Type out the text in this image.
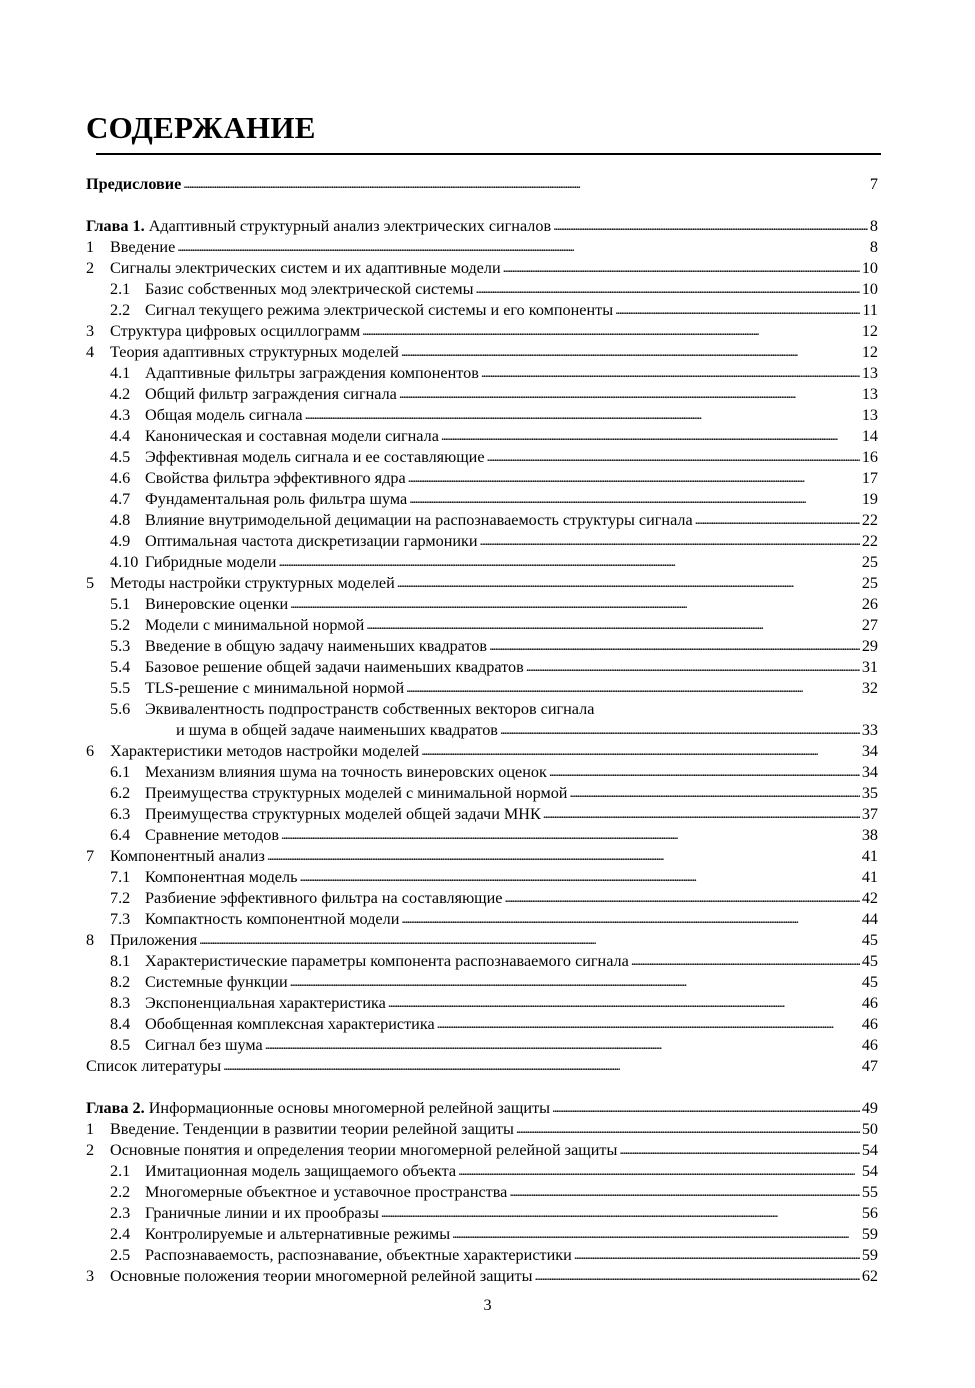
СОДЕРЖАНИЕ
Предисловие . . .	7
Глава 1. Адаптивный структурный анализ электрических сигналов . . .	8
1 Введение . . .	8
2 Сигналы электрических систем и их адаптивные модели . . .	10
2.1 Базис собственных мод электрической системы . . .	10
2.2 Сигнал текущего режима электрической системы и его компоненты . . .	11
3 Структура цифровых осциллограмм . . .	12
4 Теория адаптивных структурных моделей . . .	12
4.1 Адаптивные фильтры заграждения компонентов . . .	13
4.2 Общий фильтр заграждения сигнала . . .	13
4.3 Общая модель сигнала . . .	13
4.4 Каноническая и составная модели сигнала . . .	14
4.5 Эффективная модель сигнала и ее составляющие . . .	16
4.6 Свойства фильтра эффективного ядра . . .	17
4.7 Фундаментальная роль фильтра шума . . .	19
4.8 Влияние внутримодельной децимации на распознаваемость структуры сигнала . . .	22
4.9 Оптимальная частота дискретизации гармоники . . .	22
4.10 Гибридные модели . . .	25
5 Методы настройки структурных моделей . . .	25
5.1 Винеровские оценки . . .	26
5.2 Модели с минимальной нормой . . .	27
5.3 Введение в общую задачу наименьших квадратов . . .	29
5.4 Базовое решение общей задачи наименьших квадратов . . .	31
5.5 TLS-решение с минимальной нормой . . .	32
5.6 Эквивалентность подпространств собственных векторов сигнала
и шума в общей задаче наименьших квадратов . . .	33
6 Характеристики методов настройки моделей . . .	34
6.1 Механизм влияния шума на точность винеровских оценок . . .	34
6.2 Преимущества структурных моделей с минимальной нормой . . .	35
6.3 Преимущества структурных моделей общей задачи МНК . . .	37
6.4 Сравнение методов . . .	38
7 Компонентный анализ . . .	41
7.1 Компонентная модель . . .	41
7.2 Разбиение эффективного фильтра на составляющие . . .	42
7.3 Компактность компонентной модели . . .	44
8 Приложения . . .	45
8.1 Характеристические параметры компонента распознаваемого сигнала . . .	45
8.2 Системные функции . . .	45
8.3 Экспоненциальная характеристика . . .	46
8.4 Обобщенная комплексная характеристика . . .	46
8.5 Сигнал без шума . . .	46
Список литературы . . .	47
Глава 2. Информационные основы многомерной релейной защиты . . .	49
1 Введение. Тенденции в развитии теории релейной защиты . . .	50
2 Основные понятия и определения теории многомерной релейной защиты . . .	54
2.1 Имитационная модель защищаемого объекта . . .	54
2.2 Многомерные объектное и уставочное пространства . . .	55
2.3 Граничные линии и их прообразы . . .	56
2.4 Контролируемые и альтернативные режимы . . .	59
2.5 Распознаваемость, распознавание, объектные характеристики . . .	59
3 Основные положения теории многомерной релейной защиты . . .	62
3
